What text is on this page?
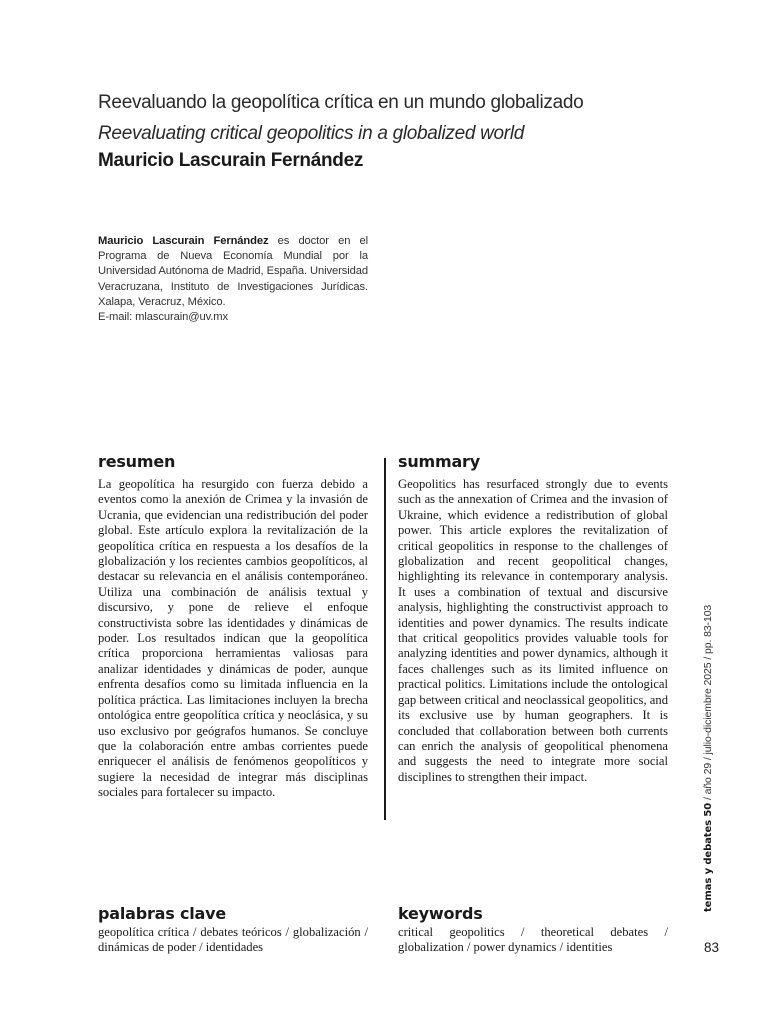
Reevaluando la geopolítica crítica en un mundo globalizado
Reevaluating critical geopolitics in a globalized world
Mauricio Lascurain Fernández
Mauricio Lascurain Fernández es doctor en el Programa de Nueva Economía Mundial por la Universidad Autónoma de Madrid, España. Universidad Veracruzana, Instituto de Investigaciones Jurídicas. Xalapa, Veracruz, México.
E-mail: mlascurain@uv.mx
resumen
La geopolítica ha resurgido con fuerza debido a eventos como la anexión de Crimea y la invasión de Ucrania, que evidencian una redistribución del poder global. Este artículo explora la revitalización de la geopolítica crítica en respuesta a los desafíos de la globalización y los recientes cambios geopolíticos, al destacar su relevancia en el análisis contemporáneo. Utiliza una combinación de análisis textual y discursivo, y pone de relieve el enfoque constructivista sobre las identidades y dinámicas de poder. Los resultados indican que la geopolítica crítica proporciona herramientas valiosas para analizar identidades y dinámicas de poder, aunque enfrenta desafíos como su limitada influencia en la política práctica. Las limitaciones incluyen la brecha ontológica entre geopolítica crítica y neoclásica, y su uso exclusivo por geógrafos humanos. Se concluye que la colaboración entre ambas corrientes puede enriquecer el análisis de fenómenos geopolíticos y sugiere la necesidad de integrar más disciplinas sociales para fortalecer su impacto.
summary
Geopolitics has resurfaced strongly due to events such as the annexation of Crimea and the invasion of Ukraine, which evidence a redistribution of global power. This article explores the revitalization of critical geopolitics in response to the challenges of globalization and recent geopolitical changes, highlighting its relevance in contemporary analysis. It uses a combination of textual and discursive analysis, highlighting the constructivist approach to identities and power dynamics. The results indicate that critical geopolitics provides valuable tools for analyzing identities and power dynamics, although it faces challenges such as its limited influence on practical politics. Limitations include the ontological gap between critical and neoclassical geopolitics, and its exclusive use by human geographers. It is concluded that collaboration between both currents can enrich the analysis of geopolitical phenomena and suggests the need to integrate more social disciplines to strengthen their impact.
palabras clave
geopolítica crítica / debates teóricos / globalización / dinámicas de poder / identidades
keywords
critical geopolitics / theoretical debates / globalization / power dynamics / identities
temas y debates 50 / año 29 / julio-diciembre 2025 / pp. 83-103
83
